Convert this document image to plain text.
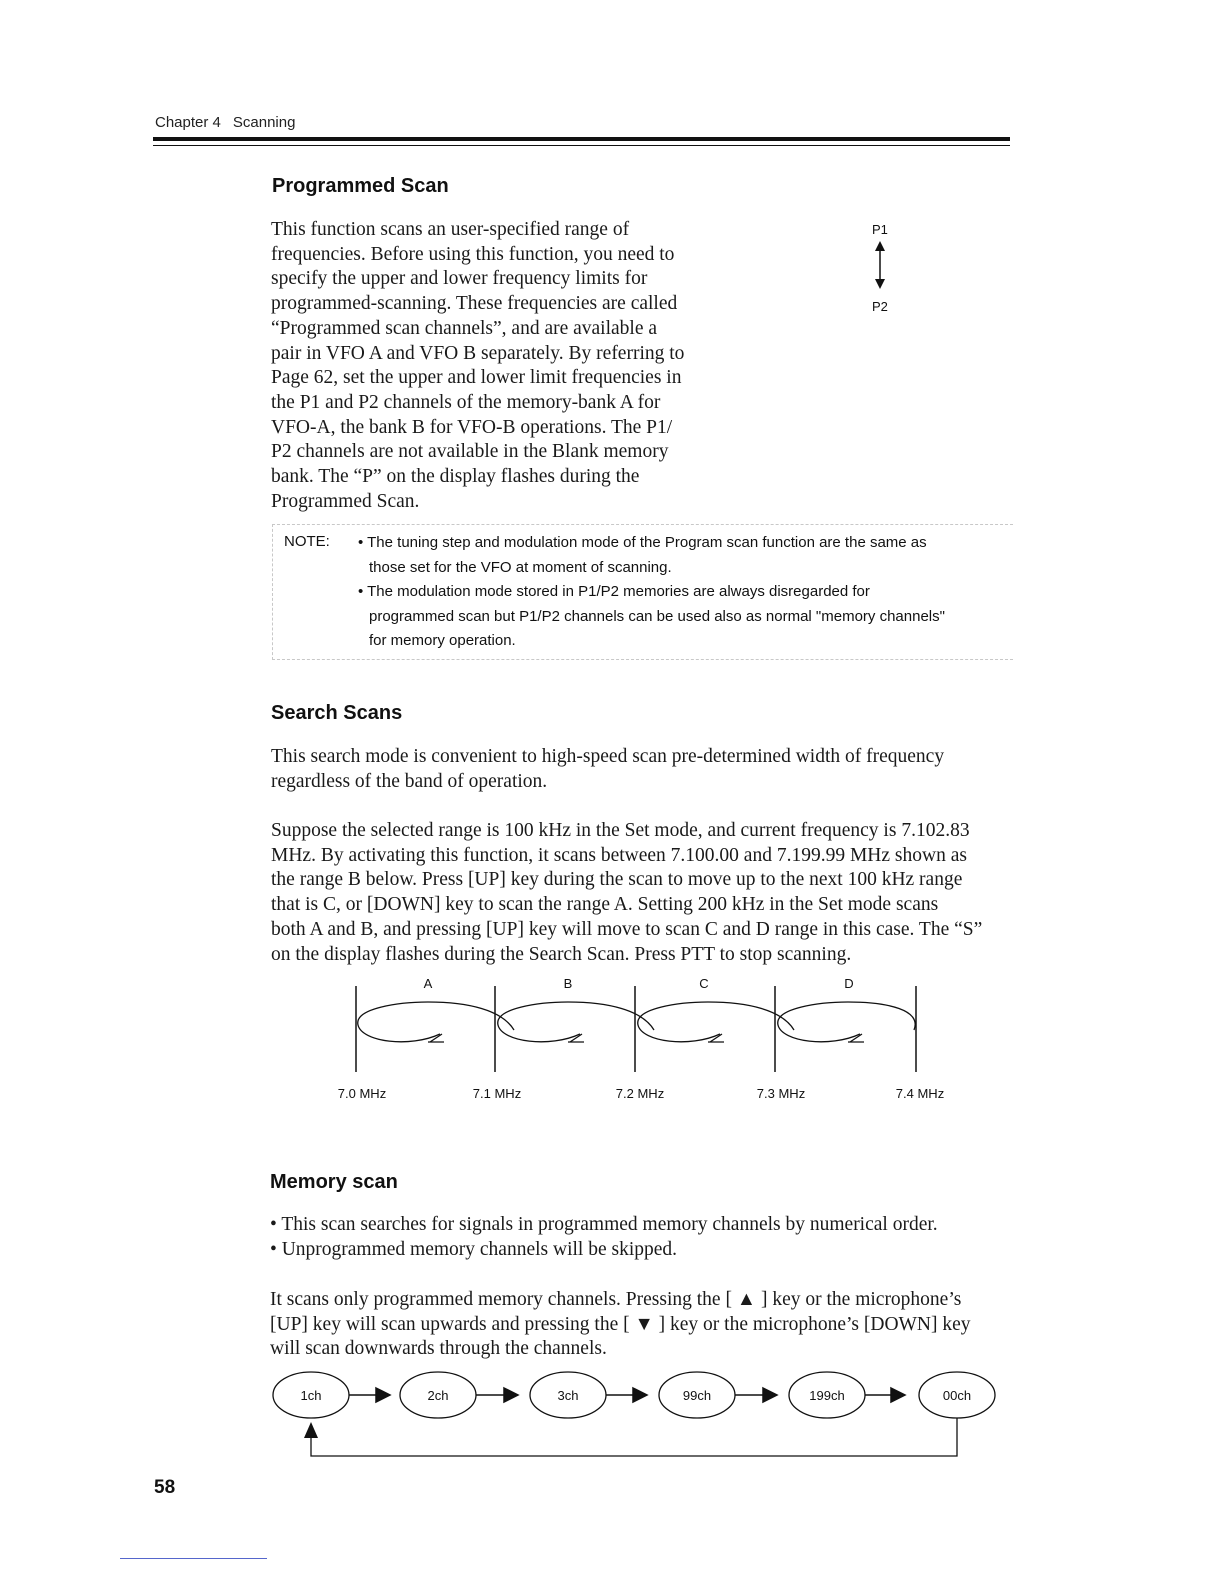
Chapter 4 Scanning
Programmed Scan
This function scans an user-specified range of
frequencies. Before using this function, you need to
specify the upper and lower frequency limits for
programmed-scanning. These frequencies are called
“Programmed scan channels”, and are available a
pair in VFO A and VFO B separately. By referring to
Page 62, set the upper and lower limit frequencies in
the P1 and P2 channels of the memory-bank A for
VFO-A, the bank B for VFO-B operations. The P1/
P2 channels are not available in the Blank memory
bank. The “P” on the display flashes during the
Programmed Scan.
P1
P2
NOTE: • The tuning step and modulation mode of the Program scan function are the same as
those set for the VFO at moment of scanning.
• The modulation mode stored in P1/P2 memories are always disregarded for
programmed scan but P1/P2 channels can be used also as normal "memory channels"
for memory operation.
Search Scans
This search mode is convenient to high-speed scan pre-determined width of frequency
regardless of the band of operation.
Suppose the selected range is 100 kHz in the Set mode, and current frequency is 7.102.83
MHz. By activating this function, it scans between 7.100.00 and 7.199.99 MHz shown as
the range B below. Press [UP] key during the scan to move up to the next 100 kHz range
that is C, or [DOWN] key to scan the range A. Setting 200 kHz in the Set mode scans
both A and B, and pressing [UP] key will move to scan C and D range in this case. The “S”
on the display flashes during the Search Scan. Press PTT to stop scanning.
A	B	C	D
7.0 MHz	7.1 MHz	7.2 MHz	7.3 MHz	7.4 MHz
Memory scan
• This scan searches for signals in programmed memory channels by numerical order.
• Unprogrammed memory channels will be skipped.
It scans only programmed memory channels. Pressing the [ ▲ ] key or the microphone’s
[UP] key will scan upwards and pressing the [ ▼ ] key or the microphone’s [DOWN] key
will scan downwards through the channels.
1ch	2ch	3ch	99ch	199ch	00ch
58
